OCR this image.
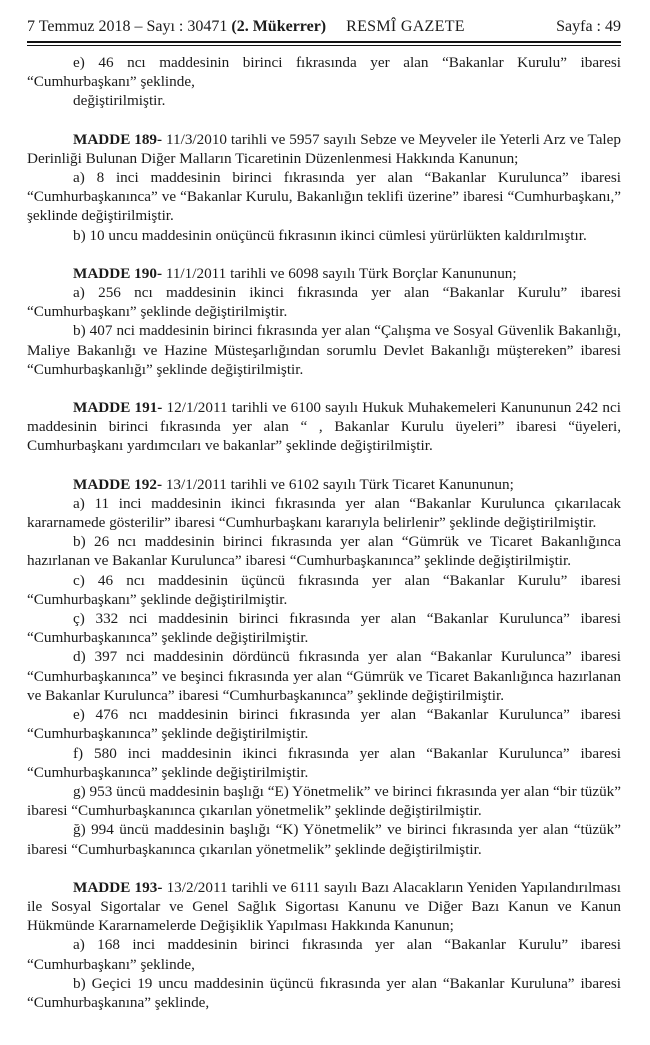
7 Temmuz 2018 – Sayı : 30471 (2. Mükerrer) RESMÎ GAZETE	Sayfa : 49

e) 46 ncı maddesinin birinci fıkrasında yer alan “Bakanlar Kurulu” ibaresi “Cumhurbaşkanı” şeklinde,

değiştirilmiştir.

MADDE 189- 11/3/2010 tarihli ve 5957 sayılı Sebze ve Meyveler ile Yeterli Arz ve Talep Derinliği Bulunan Diğer Malların Ticaretinin Düzenlenmesi Hakkında Kanunun;

a) 8 inci maddesinin birinci fıkrasında yer alan “Bakanlar Kurulunca” ibaresi “Cumhurbaşkanınca” ve “Bakanlar Kurulu, Bakanlığın teklifi üzerine” ibaresi “Cumhurbaşkanı,” şeklinde değiştirilmiştir.

b) 10 uncu maddesinin onüçüncü fıkrasının ikinci cümlesi yürürlükten kaldırılmıştır.

MADDE 190- 11/1/2011 tarihli ve 6098 sayılı Türk Borçlar Kanununun;

a) 256 ncı maddesinin ikinci fıkrasında yer alan “Bakanlar Kurulu” ibaresi “Cumhurbaşkanı” şeklinde değiştirilmiştir.

b) 407 nci maddesinin birinci fıkrasında yer alan “Çalışma ve Sosyal Güvenlik Bakanlığı, Maliye Bakanlığı ve Hazine Müsteşarlığından sorumlu Devlet Bakanlığı müştereken” ibaresi “Cumhurbaşkanlığı” şeklinde değiştirilmiştir.

MADDE 191- 12/1/2011 tarihli ve 6100 sayılı Hukuk Muhakemeleri Kanununun 242 nci maddesinin birinci fıkrasında yer alan “ , Bakanlar Kurulu üyeleri” ibaresi “üyeleri, Cumhurbaşkanı yardımcıları ve bakanlar” şeklinde değiştirilmiştir.

MADDE 192- 13/1/2011 tarihli ve 6102 sayılı Türk Ticaret Kanununun;

a) 11 inci maddesinin ikinci fıkrasında yer alan “Bakanlar Kurulunca çıkarılacak kararnamede gösterilir” ibaresi “Cumhurbaşkanı kararıyla belirlenir” şeklinde değiştirilmiştir.

b) 26 ncı maddesinin birinci fıkrasında yer alan “Gümrük ve Ticaret Bakanlığınca hazırlanan ve Bakanlar Kurulunca” ibaresi “Cumhurbaşkanınca” şeklinde değiştirilmiştir.

c) 46 ncı maddesinin üçüncü fıkrasında yer alan “Bakanlar Kurulu” ibaresi “Cumhurbaşkanı” şeklinde değiştirilmiştir.

ç) 332 nci maddesinin birinci fıkrasında yer alan “Bakanlar Kurulunca” ibaresi “Cumhurbaşkanınca” şeklinde değiştirilmiştir.

d) 397 nci maddesinin dördüncü fıkrasında yer alan “Bakanlar Kurulunca” ibaresi “Cumhurbaşkanınca” ve beşinci fıkrasında yer alan “Gümrük ve Ticaret Bakanlığınca hazırlanan ve Bakanlar Kurulunca” ibaresi “Cumhurbaşkanınca” şeklinde değiştirilmiştir.

e) 476 ncı maddesinin birinci fıkrasında yer alan “Bakanlar Kurulunca” ibaresi “Cumhurbaşkanınca” şeklinde değiştirilmiştir.

f) 580 inci maddesinin ikinci fıkrasında yer alan “Bakanlar Kurulunca” ibaresi “Cumhurbaşkanınca” şeklinde değiştirilmiştir.

g) 953 üncü maddesinin başlığı “E) Yönetmelik” ve birinci fıkrasında yer alan “bir tüzük” ibaresi “Cumhurbaşkanınca çıkarılan yönetmelik” şeklinde değiştirilmiştir.

ğ) 994 üncü maddesinin başlığı “K) Yönetmelik” ve birinci fıkrasında yer alan “tüzük” ibaresi “Cumhurbaşkanınca çıkarılan yönetmelik” şeklinde değiştirilmiştir.

MADDE 193- 13/2/2011 tarihli ve 6111 sayılı Bazı Alacakların Yeniden Yapılandırılması ile Sosyal Sigortalar ve Genel Sağlık Sigortası Kanunu ve Diğer Bazı Kanun ve Kanun Hükmünde Kararnamelerde Değişiklik Yapılması Hakkında Kanunun;

a) 168 inci maddesinin birinci fıkrasında yer alan “Bakanlar Kurulu” ibaresi “Cumhurbaşkanı” şeklinde,

b) Geçici 19 uncu maddesinin üçüncü fıkrasında yer alan “Bakanlar Kuruluna” ibaresi “Cumhurbaşkanına” şeklinde,
